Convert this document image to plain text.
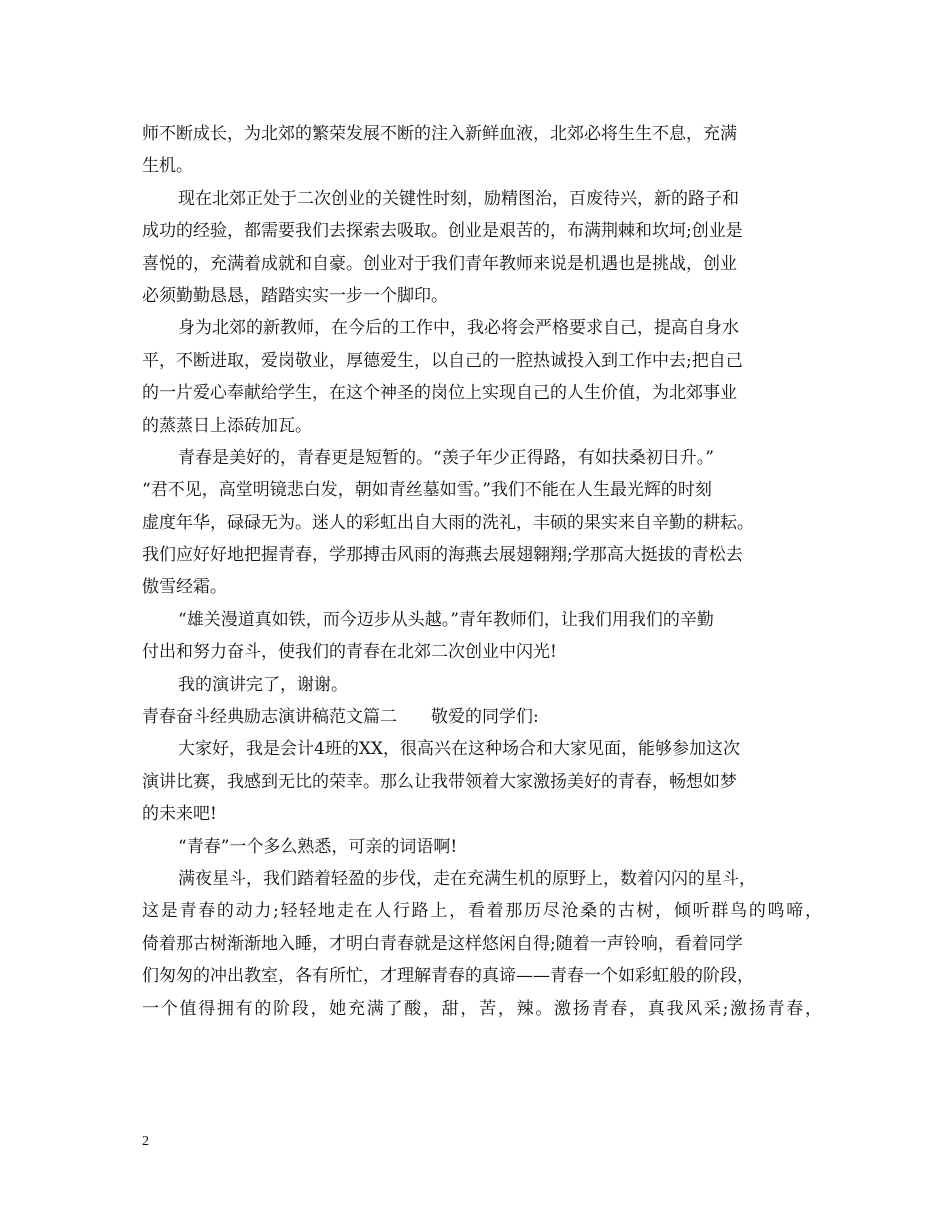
师不断成长，为北郊的繁荣发展不断的注入新鲜血液，北郊必将生生不息，充满
生机。
现在北郊正处于二次创业的关键性时刻，励精图治，百废待兴，新的路子和
成功的经验，都需要我们去探索去吸取。创业是艰苦的，布满荆棘和坎坷;创业是
喜悦的，充满着成就和自豪。创业对于我们青年教师来说是机遇也是挑战，创业
必须勤勤恳恳，踏踏实实一步一个脚印。
身为北郊的新教师，在今后的工作中，我必将会严格要求自己，提高自身水
平，不断进取，爱岗敬业，厚德爱生，以自己的一腔热诚投入到工作中去;把自己
的一片爱心奉献给学生，在这个神圣的岗位上实现自己的人生价值，为北郊事业
的蒸蒸日上添砖加瓦。
青春是美好的，青春更是短暂的。“羡子年少正得路，有如扶桑初日升。”
“君不见，高堂明镜悲白发，朝如青丝墓如雪。”我们不能在人生最光辉的时刻
虚度年华，碌碌无为。迷人的彩虹出自大雨的洗礼，丰硕的果实来自辛勤的耕耘。
我们应好好地把握青春，学那搏击风雨的海燕去展翅翱翔;学那高大挺拔的青松去
傲雪经霜。
“雄关漫道真如铁，而今迈步从头越。”青年教师们，让我们用我们的辛勤
付出和努力奋斗，使我们的青春在北郊二次创业中闪光!
我的演讲完了，谢谢。
青春奋斗经典励志演讲稿范文篇二　　敬爱的同学们:
大家好，我是会计4班的XX，很高兴在这种场合和大家见面，能够参加这次
演讲比赛，我感到无比的荣幸。那么让我带领着大家激扬美好的青春，畅想如梦
的未来吧!
“青春”一个多么熟悉，可亲的词语啊!
满夜星斗，我们踏着轻盈的步伐，走在充满生机的原野上，数着闪闪的星斗，
这是青春的动力;轻轻地走在人行路上，看着那历尽沧桑的古树，倾听群鸟的鸣啼，
倚着那古树渐渐地入睡，才明白青春就是这样悠闲自得;随着一声铃响，看着同学
们匆匆的冲出教室，各有所忙，才理解青春的真谛——青春一个如彩虹般的阶段，
一个值得拥有的阶段，她充满了酸，甜，苦，辣。激扬青春，真我风采;激扬青春，
2
